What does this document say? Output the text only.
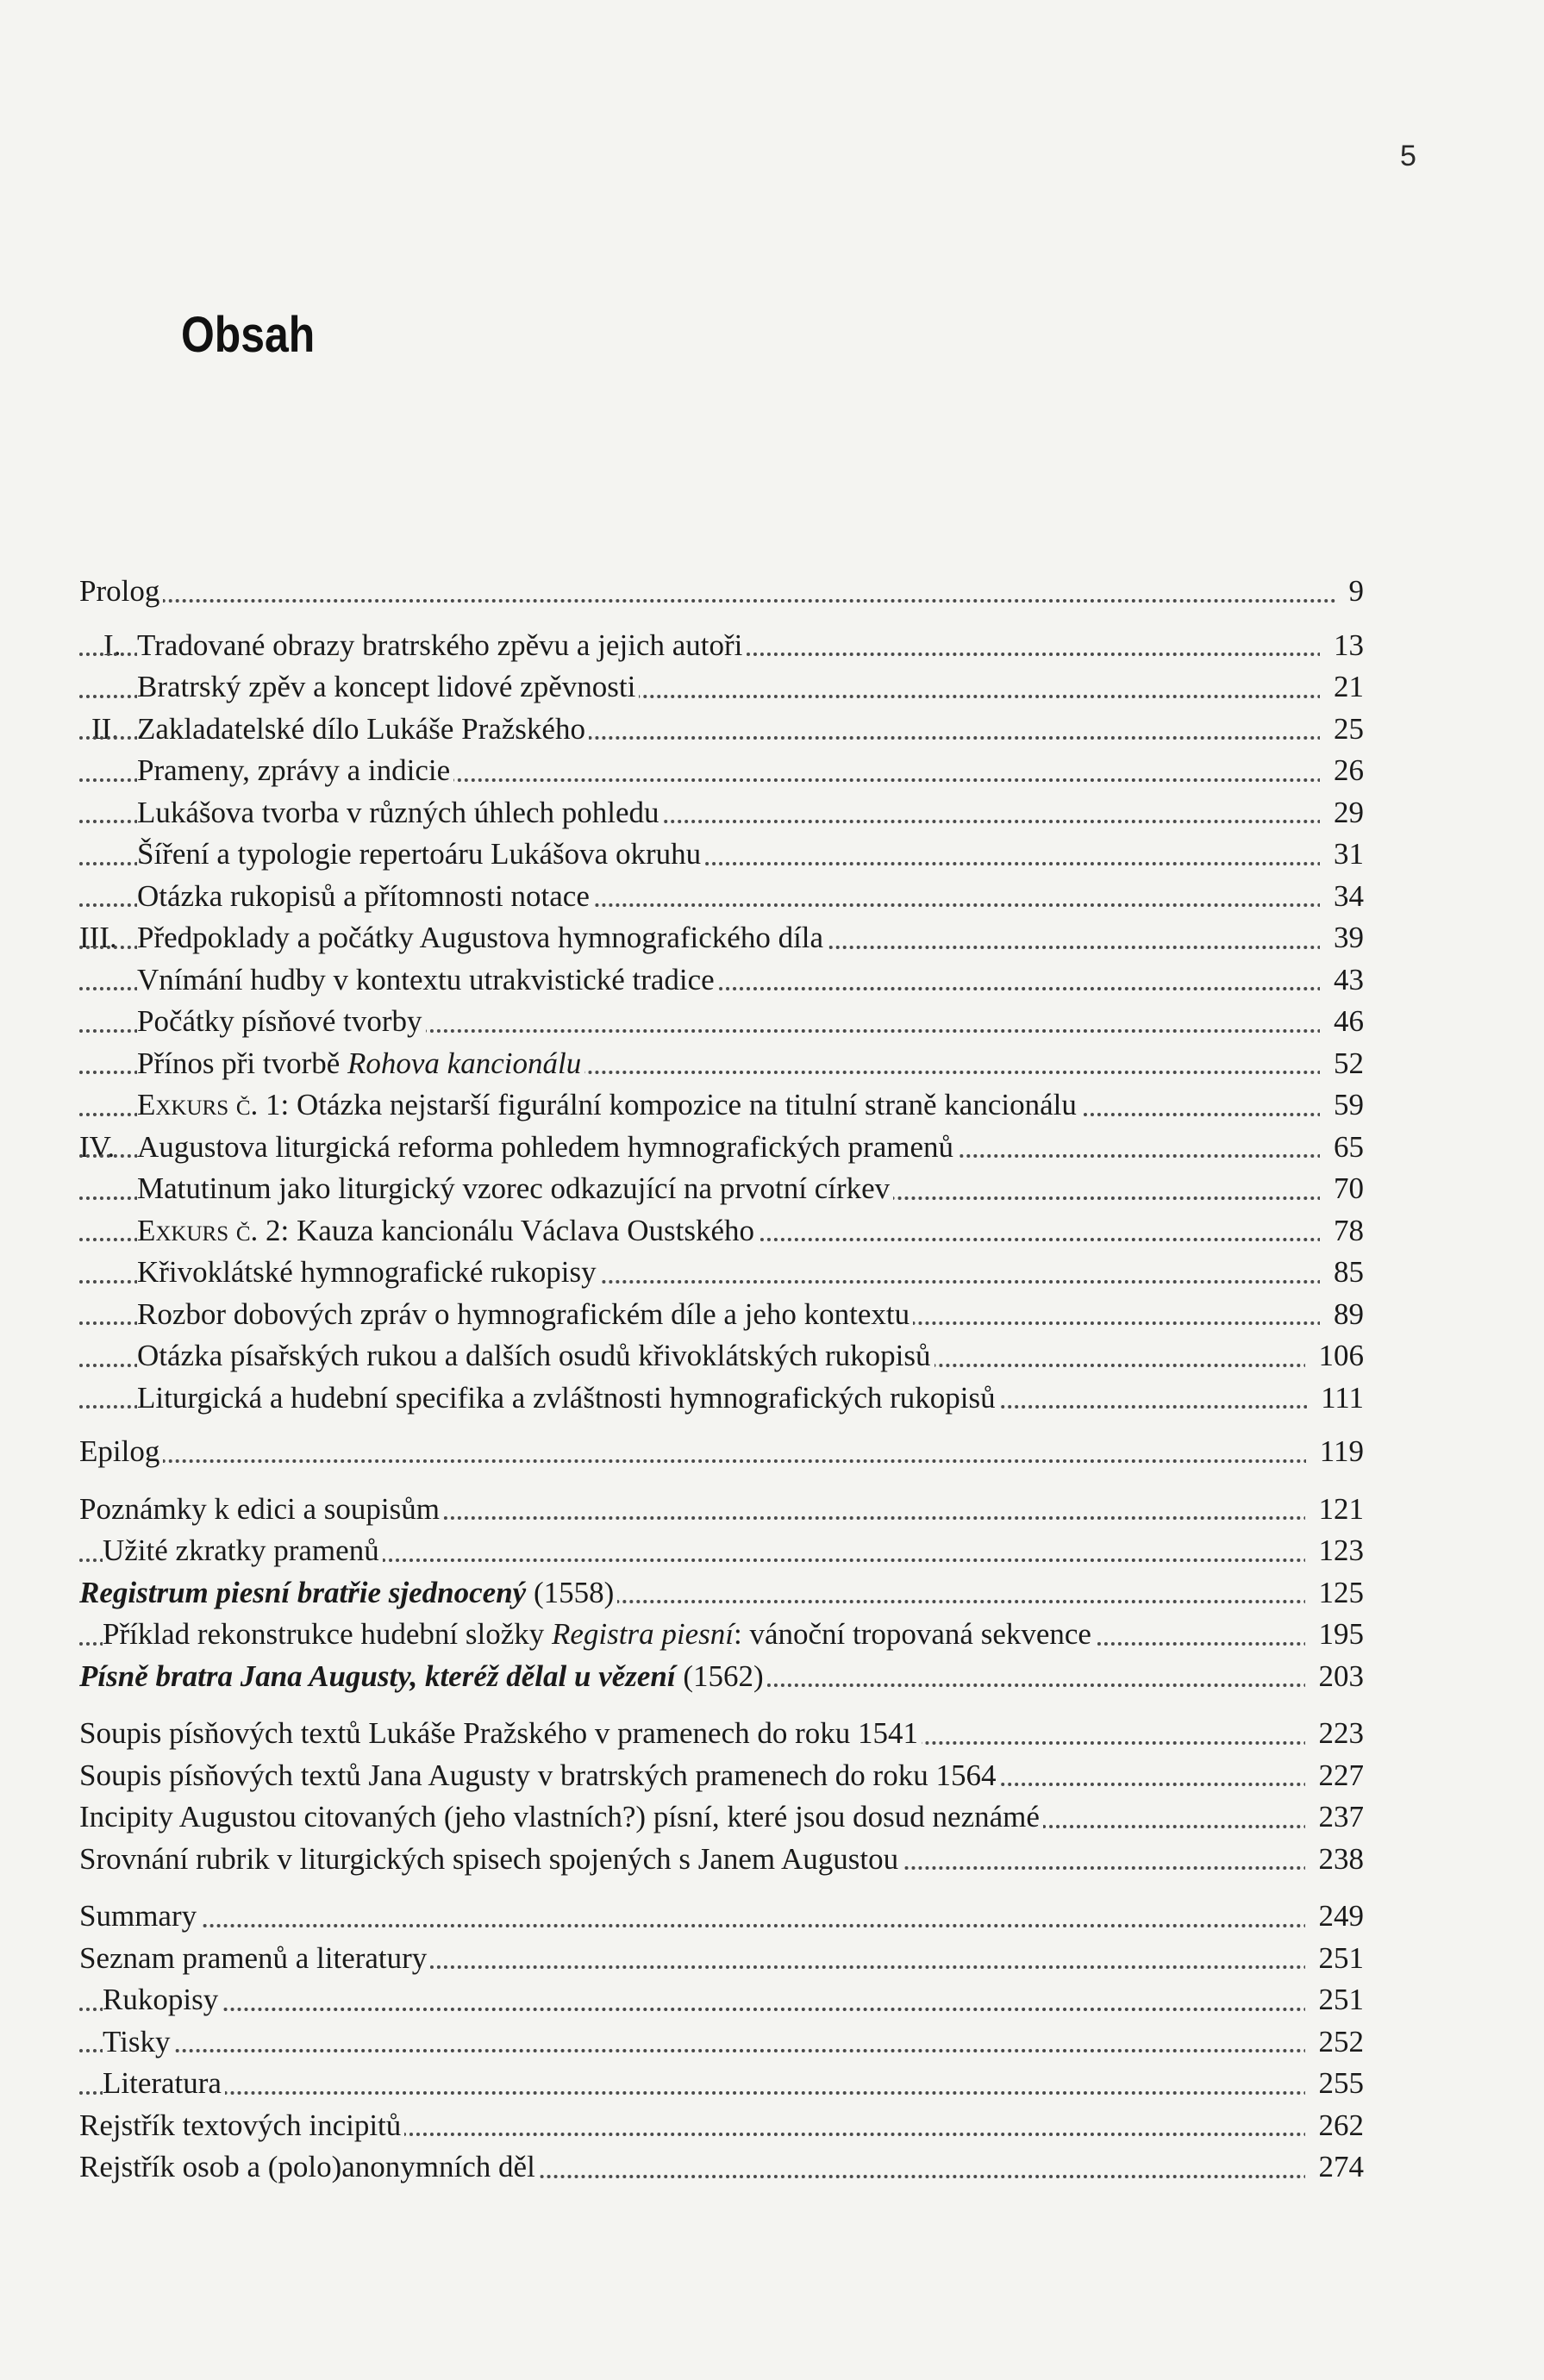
5
Obsah
Prolog	9
I. Tradované obrazy bratrského zpěvu a jejich autoři	13
Bratrský zpěv a koncept lidové zpěvnosti	21
II. Zakladatelské dílo Lukáše Pražského	25
Prameny, zprávy a indicie	26
Lukášova tvorba v různých úhlech pohledu	29
Šíření a typologie repertoáru Lukášova okruhu	31
Otázka rukopisů a přítomnosti notace	34
III. Předpoklady a počátky Augustova hymnografického díla	39
Vnímání hudby v kontextu utrakvistické tradice	43
Počátky písňové tvorby	46
Přínos při tvorbě Rohova kancionálu	52
Exkurs č. 1: Otázka nejstarší figurální kompozice na titulní straně kancionálu	59
IV. Augustova liturgická reforma pohledem hymnografických pramenů	65
Matutinum jako liturgický vzorec odkazující na prvotní církev	70
Exkurs č. 2: Kauza kancionálu Václava Oustského	78
Křivoklátské hymnografické rukopisy	85
Rozbor dobových zpráv o hymnografickém díle a jeho kontextu	89
Otázka písařských rukou a dalších osudů křivoklátských rukopisů	106
Liturgická a hudební specifika a zvláštnosti hymnografických rukopisů	111
Epilog	119
Poznámky k edici a soupisům	121
Užité zkratky pramenů	123
Registrum piesní bratřie sjednocený (1558)	125
Příklad rekonstrukce hudební složky Registra piesní: vánoční tropovaná sekvence	195
Písně bratra Jana Augusty, kteréž dělal u vězení (1562)	203
Soupis písňových textů Lukáše Pražského v pramenech do roku 1541	223
Soupis písňových textů Jana Augusty v bratrských pramenech do roku 1564	227
Incipity Augustou citovaných (jeho vlastních?) písní, které jsou dosud neznámé	237
Srovnání rubrik v liturgických spisech spojených s Janem Augustou	238
Summary	249
Seznam pramenů a literatury	251
Rukopisy	251
Tisky	252
Literatura	255
Rejstřík textových incipitů	262
Rejstřík osob a (polo)anonymních děl	274
